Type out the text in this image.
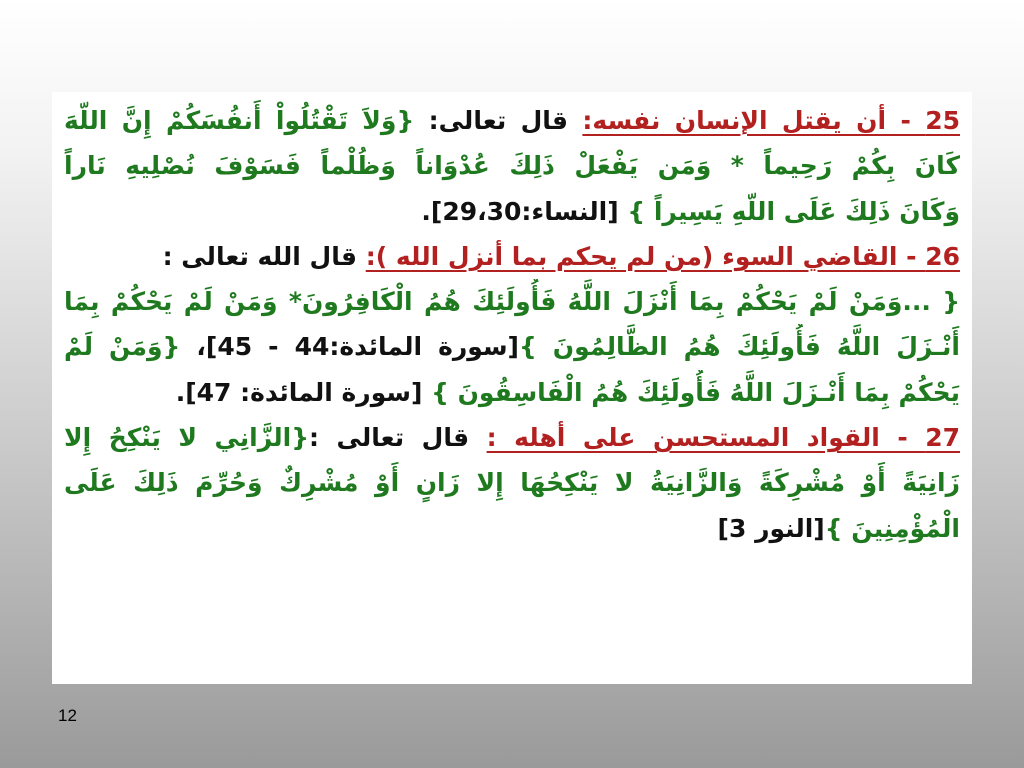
25 - أن يقتل الإنسان نفسه: قال تعالى: {وَلاَ تَقْتُلُواْ أَنفُسَكُمْ إِنَّ اللّهَ
كَانَ بِكُمْ رَحِيماً * وَمَن يَفْعَلْ ذَلِكَ عُدْوَاناً وَظُلْماً فَسَوْفَ نُصْلِيهِ نَاراً
وَكَانَ ذَلِكَ عَلَى اللّهِ يَسِيراً } [النساء:29،30].
26 - القاضي السوء (من لم يحكم بما أنزل الله ): قال الله تعالى :
{ ...وَمَنْ لَمْ يَحْكُمْ بِمَا أَنْزَلَ اللَّهُ فَأُولَئِكَ هُمُ الْكَافِرُونَ* وَمَنْ لَمْ يَحْكُمْ بِمَا
أَنْـزَلَ اللَّهُ فَأُولَئِكَ هُمُ الظَّالِمُونَ }[سورة المائدة:44 - 45]، {وَمَنْ لَمْ
يَحْكُمْ بِمَا أَنْـزَلَ اللَّهُ فَأُولَئِكَ هُمُ الْفَاسِقُونَ } [سورة المائدة: 47].
27 - القواد المستحسن على أهله : قال تعالى :{الزَّانِي لا يَنْكِحُ إِلا
زَانِيَةً أَوْ مُشْرِكَةً وَالزَّانِيَةُ لا يَنْكِحُهَا إِلا زَانٍ أَوْ مُشْرِكٌ وَحُرِّمَ ذَلِكَ عَلَى
الْمُؤْمِنِينَ }[النور 3]
12
